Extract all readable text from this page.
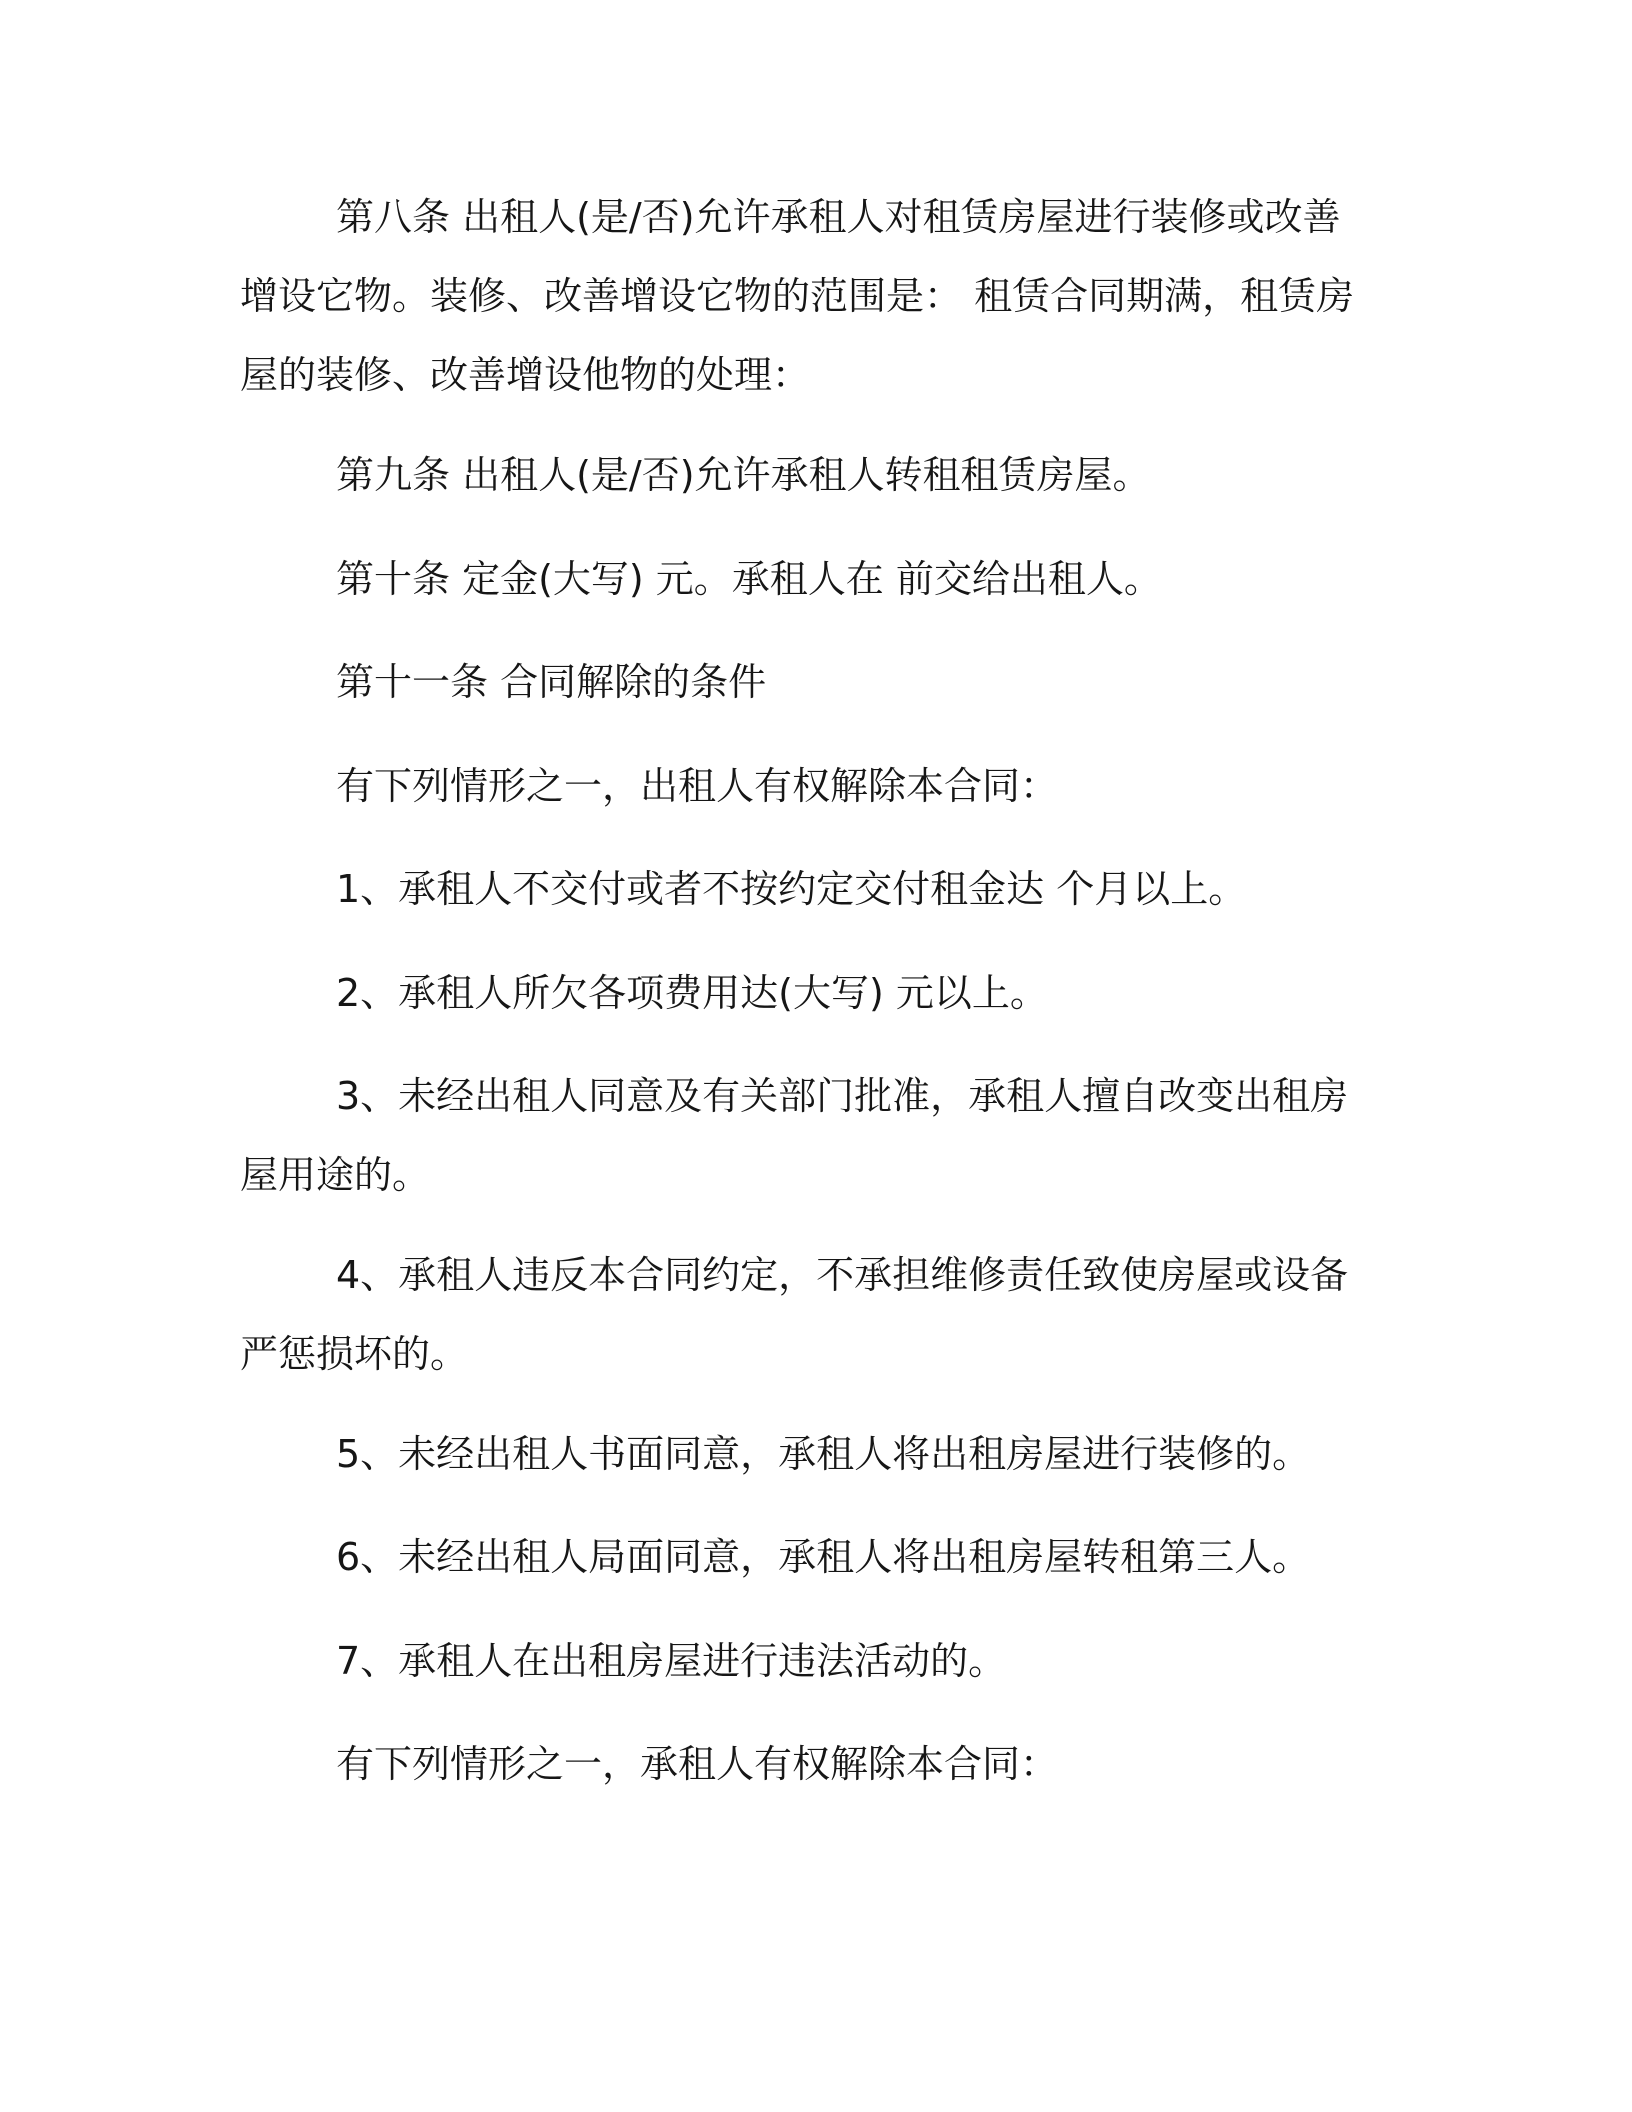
第八条 出租人(是/否)允许承租人对租赁房屋进行装修或改善增设它物。装修、改善增设它物的范围是： 租赁合同期满，租赁房屋的装修、改善增设他物的处理：

第九条 出租人(是/否)允许承租人转租租赁房屋。

第十条 定金(大写) 元。承租人在 前交给出租人。

第十一条 合同解除的条件

有下列情形之一，出租人有权解除本合同：

1、承租人不交付或者不按约定交付租金达 个月以上。

2、承租人所欠各项费用达(大写) 元以上。

3、未经出租人同意及有关部门批准，承租人擅自改变出租房屋用途的。

4、承租人违反本合同约定，不承担维修责任致使房屋或设备严惩损坏的。

5、未经出租人书面同意，承租人将出租房屋进行装修的。

6、未经出租人局面同意，承租人将出租房屋转租第三人。

7、承租人在出租房屋进行违法活动的。

有下列情形之一，承租人有权解除本合同：
